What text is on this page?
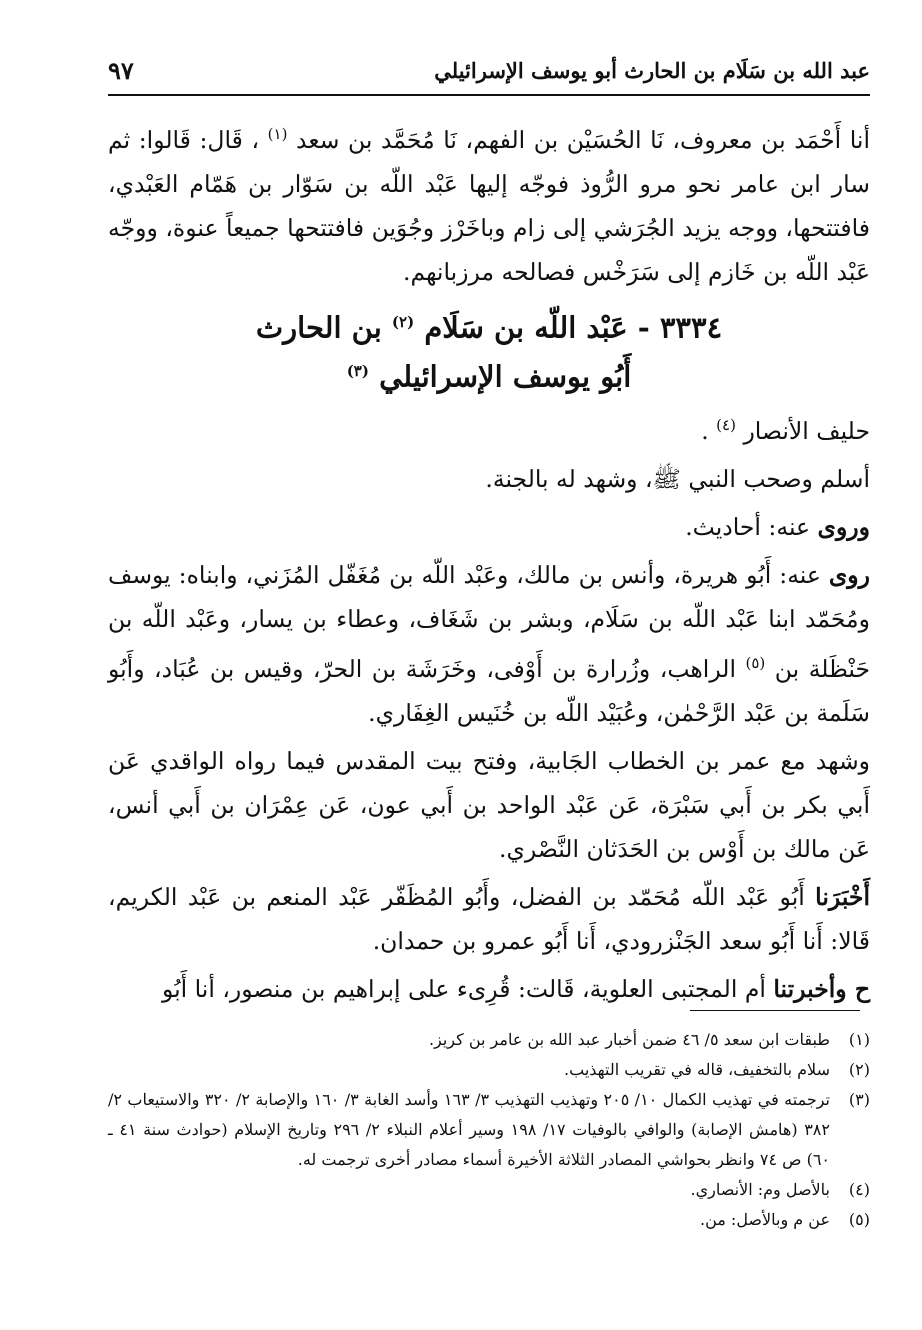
عبد الله بن سَلَام بن الحارث أبو يوسف الإسرائيلي
٩٧

أنا أَحْمَد بن معروف، نَا الحُسَيْن بن الفهم، نَا مُحَمَّد بن سعد $^{(١)}$ ، قَال: قَالوا: ثم سار ابن عامر نحو مرو الرُّوذ فوجّه إليها عَبْد اللّه بن سَوّار بن هَمّام العَبْدي، فافتتحها، ووجه يزيد الجُرَشي إلى زام وباخَرْز وجُوَين فافتتحها جميعاً عنوة، ووجّه عَبْد اللّه بن خَازم إلى سَرَخْس فصالحه مرزبانهم.

٣٣٣٤ - عَبْد اللّه بن سَلَام $^{(٢)}$ بن الحارث
أَبُو يوسف الإسرائيلي $^{(٣)}$

حليف الأنصار $^{(٤)}$ .

أسلم وصحب النبي ﷺ، وشهد له بالجنة.

وروى عنه: أحاديث.

روى عنه: أَبُو هريرة، وأنس بن مالك، وعَبْد اللّه بن مُغَفّل المُزَني، وابناه: يوسف ومُحَمّد ابنا عَبْد اللّه بن سَلَام، وبشر بن شَغَاف، وعطاء بن يسار، وعَبْد اللّه بن حَنْظَلة بن $^{(٥)}$ الراهب، وزُرارة بن أَوْفى، وخَرَشَة بن الحرّ، وقيس بن عُبَاد، وأَبُو سَلَمة بن عَبْد الرَّحْمٰن، وعُبَيْد اللّه بن خُنَيس الغِفَاري.

وشهد مع عمر بن الخطاب الجَابية، وفتح بيت المقدس فيما رواه الواقدي عَن أَبي بكر بن أَبي سَبْرَة، عَن عَبْد الواحد بن أَبي عون، عَن عِمْرَان بن أَبي أنس، عَن مالك بن أَوْس بن الحَدَثان النَّصْري.

أَخْبَرَنا أَبُو عَبْد اللّه مُحَمّد بن الفضل، وأَبُو المُظَفّر عَبْد المنعم بن عَبْد الكريم، قَالا: أَنا أَبُو سعد الجَنْزرودي، أَنا أَبُو عمرو بن حمدان.

ح وأخبرتنا أم المجتبى العلوية، قَالت: قُرِىء على إبراهيم بن منصور، أنا أَبُو

(١)
طبقات ابن سعد ٥/ ٤٦ ضمن أخبار عبد الله بن عامر بن كريز.
(٢)
سلام بالتخفيف، قاله في تقريب التهذيب.
(٣)
ترجمته في تهذيب الكمال ١٠/ ٢٠٥ وتهذيب التهذيب ٣/ ١٦٣ وأسد الغابة ٣/ ١٦٠ والإصابة ٢/ ٣٢٠ والاستيعاب ٢/ ٣٨٢ (هامش الإصابة) والوافي بالوفيات ١٧/ ١٩٨ وسير أعلام النبلاء ٢/ ٢٩٦ وتاريخ الإسلام (حوادث سنة ٤١ ـ ٦٠) ص ٧٤ وانظر بحواشي المصادر الثلاثة الأخيرة أسماء مصادر أخرى ترجمت له.
(٤)
بالأصل وم: الأنصاري.
(٥)
عن م وبالأصل: من.
